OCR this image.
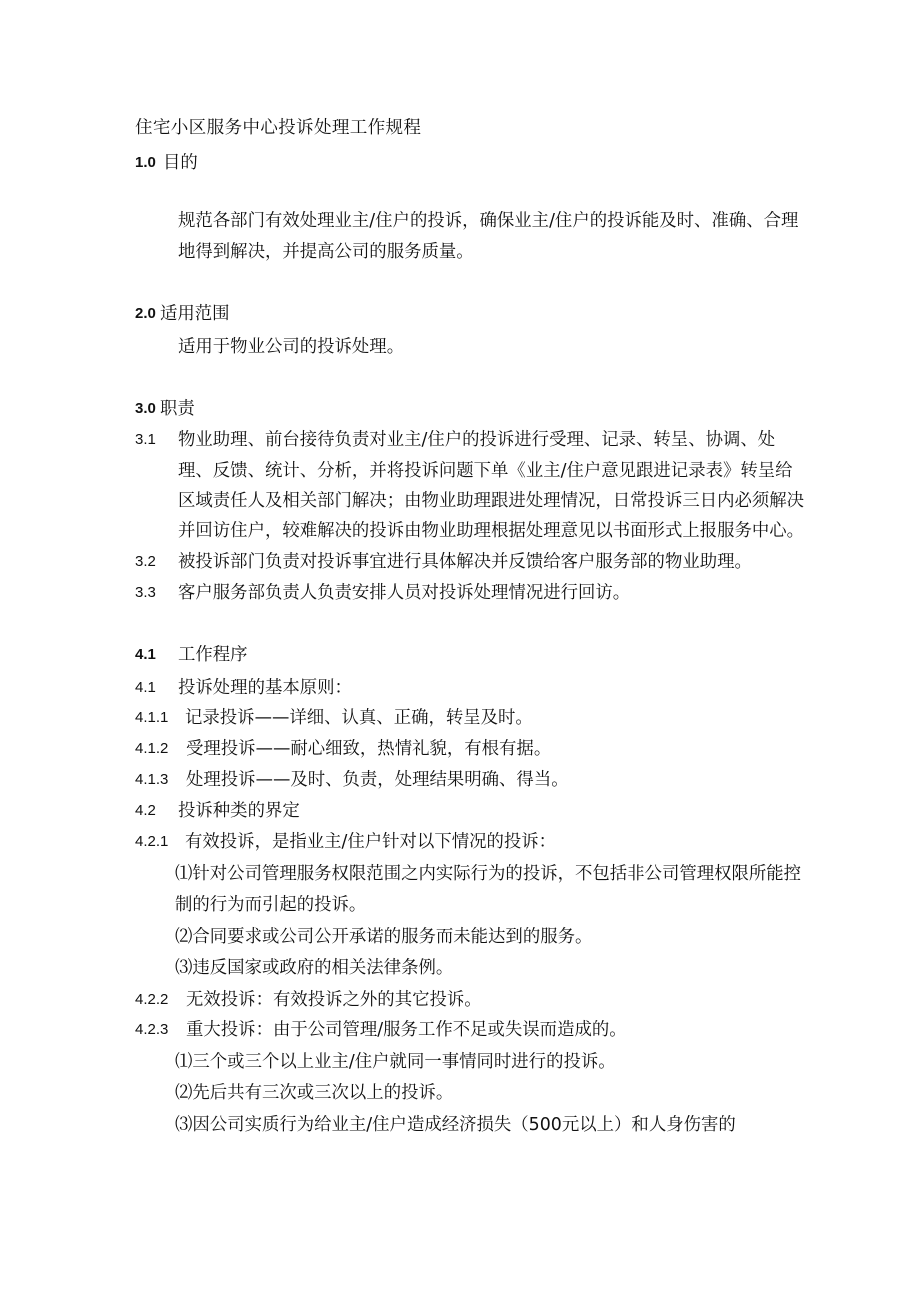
住宅小区服务中心投诉处理工作规程
1.0 目的
规范各部门有效处理业主/住户的投诉，确保业主/住户的投诉能及时、准确、合理
地得到解决，并提高公司的服务质量。
2.0 适用范围
适用于物业公司的投诉处理。
3.0 职责
3.1 物业助理、前台接待负责对业主/住户的投诉进行受理、记录、转呈、协调、处
理、反馈、统计、分析，并将投诉问题下单《业主/住户意见跟进记录表》转呈给
区域责任人及相关部门解决；由物业助理跟进处理情况，日常投诉三日内必须解决
并回访住户，较难解决的投诉由物业助理根据处理意见以书面形式上报服务中心。
3.2 被投诉部门负责对投诉事宜进行具体解决并反馈给客户服务部的物业助理。
3.3 客户服务部负责人负责安排人员对投诉处理情况进行回访。
4.1 工作程序
4.1 投诉处理的基本原则：
4.1.1 记录投诉——详细、认真、正确，转呈及时。
4.1.2 受理投诉——耐心细致，热情礼貌，有根有据。
4.1.3 处理投诉——及时、负责，处理结果明确、得当。
4.2 投诉种类的界定
4.2.1 有效投诉，是指业主/住户针对以下情况的投诉：
⑴针对公司管理服务权限范围之内实际行为的投诉，不包括非公司管理权限所能控
制的行为而引起的投诉。
⑵合同要求或公司公开承诺的服务而未能达到的服务。
⑶违反国家或政府的相关法律条例。
4.2.2 无效投诉：有效投诉之外的其它投诉。
4.2.3 重大投诉：由于公司管理/服务工作不足或失误而造成的。
⑴三个或三个以上业主/住户就同一事情同时进行的投诉。
⑵先后共有三次或三次以上的投诉。
⑶因公司实质行为给业主/住户造成经济损失（500元以上）和人身伤害的
